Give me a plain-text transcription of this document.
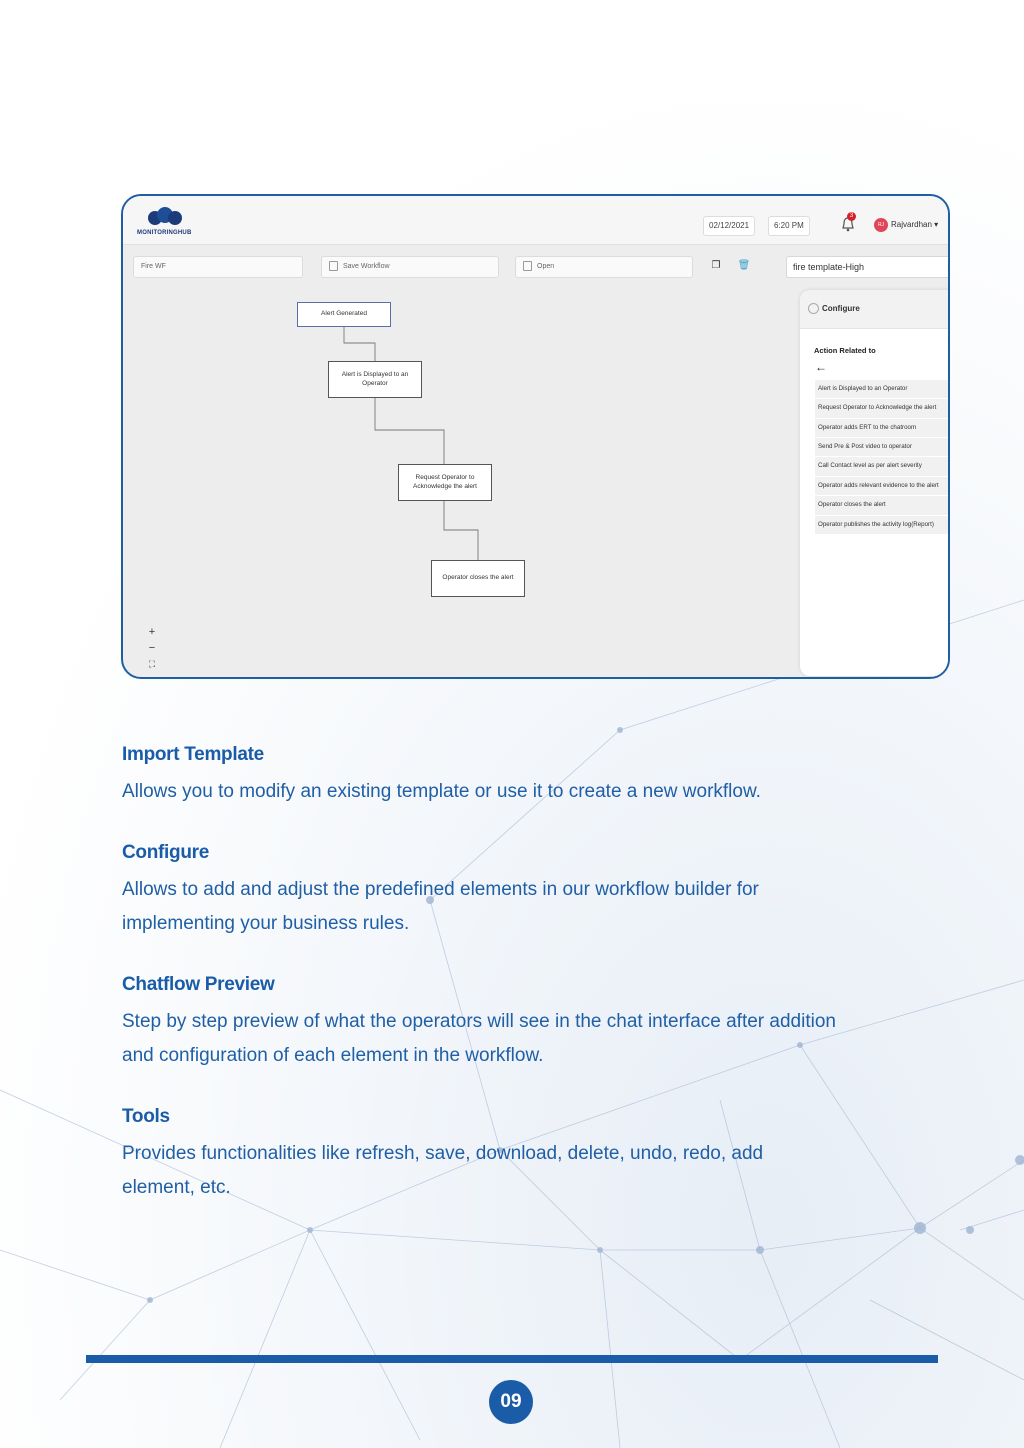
MONITORINGHUB
02/12/2021	6:20 PM
3
RJ Rajvardhan ▾
Fire WF	Save Workflow	Open	❐	🗑	fire template-High
Alert Generated
Alert is Displayed to an Operator
Request Operator to Acknowledge the alert
Operator closes the alert
+
−
⛶
Configure
Action Related to
←
Alert is Displayed to an Operator
Request Operator to Acknowledge the alert
Operator adds ERT to the chatroom
Send Pre & Post video to operator
Call Contact level as per alert severity
Operator adds relevant evidence to the alert
Operator closes the alert
Operator publishes the activity log(Report)
Import Template

Allows you to modify an existing template or use it to create a new workflow.

Configure

Allows to add and adjust the predefined elements in our workflow builder for implementing your business rules.

Chatflow Preview

Step by step preview of what the operators will see in the chat interface after addition and configuration of each element in the workflow.

Tools

Provides functionalities like refresh, save, download, delete, undo, redo, add element, etc.

09
